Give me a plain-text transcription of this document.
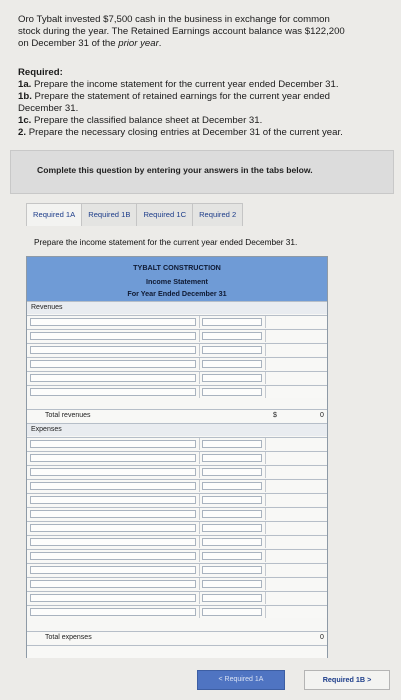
Oro Tybalt invested $7,500 cash in the business in exchange for common

stock during the year. The Retained Earnings account balance was $122,200

on December 31 of the prior year.

Required:
1a. Prepare the income statement for the current year ended December 31.
1b. Prepare the statement of retained earnings for the current year ended
December 31.
1c. Prepare the classified balance sheet at December 31.
2. Prepare the necessary closing entries at December 31 of the current year.
Complete this question by entering your answers in the tabs below.
Required 1A	Required 1B	Required 1C	Required 2
Prepare the income statement for the current year ended December 31.
TYBALT CONSTRUCTION
Income Statement
For Year Ended December 31
Revenues
Total revenues	$	0
Expenses
Total expenses	0
< Required 1A	Required 1B >
